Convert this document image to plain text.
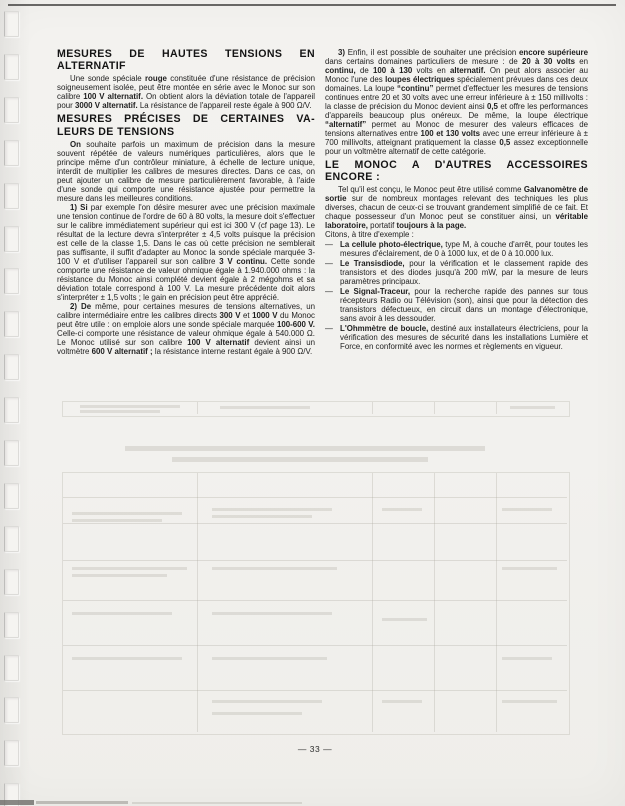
MESURES DE HAUTES TENSIONS EN
ALTERNATIF
Une sonde spéciale rouge constituée d'une résistance de précision soigneusement isolée, peut être montée en série avec le Monoc sur son calibre 100 V alternatif. On obtient alors la déviation totale de l'appareil pour 3000 V alternatif. La résistance de l'appareil reste égale à 900 Ω/V.
MESURES PRÉCISES DE CERTAINES VA-
LEURS DE TENSIONS
On souhaite parfois un maximum de précision dans la mesure souvent répétée de valeurs numériques particulières, alors que le principe même d'un contrôleur miniature, à échelle de lecture unique, interdit de multiplier les calibres de mesures directes. Dans ce cas, on peut ajouter un calibre de mesure particulièrement favorable, à l'aide d'une sonde qui comporte une résistance ajustée pour permettre la mesure dans les meilleures conditions.
1) Si par exemple l'on désire mesurer avec une précision maximale une tension continue de l'ordre de 60 à 80 volts, la mesure doit s'effectuer sur le calibre immédiatement supérieur qui est ici 300 V (cf page 13). Le résultat de la lecture devra s'interpréter ± 4,5 volts puisque la précision est celle de la classe 1,5. Dans le cas où cette précision ne semblerait pas suffisante, il suffit d'adapter au Monoc la sonde spéciale marquée 3-100 V et d'utiliser l'appareil sur son calibre 3 V continu. Cette sonde comporte une résistance de valeur ohmique égale à 1.940.000 ohms : la résistance du Monoc ainsi complété devient égale à 2 mégohms et sa déviation totale correspond à 100 V. La mesure précédente doit alors s'interpréter ± 1,5 volts ; le gain en précision peut être apprécié.
2) De même, pour certaines mesures de tensions alternatives, un calibre intermédiaire entre les calibres directs 300 V et 1000 V du Monoc peut être utile : on emploie alors une sonde spéciale marquée 100-600 V. Celle-ci comporte une résistance de valeur ohmique égale à 540.000 Ω. Le Monoc utilisé sur son calibre 100 V alternatif devient ainsi un voltmètre 600 V alternatif ; la résistance interne restant égale à 900 Ω/V.
3) Enfin, il est possible de souhaiter une précision encore supérieure dans certains domaines particuliers de mesure : de 20 à 30 volts en continu, de 100 à 130 volts en alternatif. On peut alors associer au Monoc l'une des loupes électriques spécialement prévues dans ces deux domaines. La loupe “continu” permet d'effectuer les mesures de tensions continues entre 20 et 30 volts avec une erreur inférieure à ± 150 millivolts : la classe de précision du Monoc devient ainsi 0,5 et offre les performances d'appareils beaucoup plus onéreux. De même, la loupe électrique “alternatif” permet au Monoc de mesurer des valeurs efficaces de tensions alternatives entre 100 et 130 volts avec une erreur inférieure à ± 700 millivolts, atteignant pratiquement la classe 0,5 assez exceptionnelle pour un voltmètre alternatif de cette catégorie.
LE MONOC A D'AUTRES ACCESSOIRES
ENCORE :
Tel qu'il est conçu, le Monoc peut être utilisé comme Galvanomètre de sortie sur de nombreux montages relevant des techniques les plus diverses, chacun de ceux-ci se trouvant grandement simplifié de ce fait. Et chaque possesseur d'un Monoc peut se constituer ainsi, un véritable laboratoire, portatif toujours à la page.
Citons, à titre d'exemple :
— La cellule photo-électrique, type M, à couche d'arrêt, pour toutes les mesures d'éclairement, de 0 à 1000 lux, et de 0 à 10.000 lux.
— Le Transisdiode, pour la vérification et le classement rapide des transistors et des diodes jusqu'à 200 mW, par la mesure de leurs paramètres principaux.
— Le Signal-Traceur, pour la recherche rapide des pannes sur tous récepteurs Radio ou Télévision (son), ainsi que pour la détection des transistors défectueux, en circuit dans un montage d'électronique, sans avoir à les dessouder.
— L'Ohmmètre de boucle, destiné aux installateurs électriciens, pour la vérification des mesures de sécurité dans les installations Lumière et Force, en conformité avec les normes et règlements en vigueur.
— 33 —
